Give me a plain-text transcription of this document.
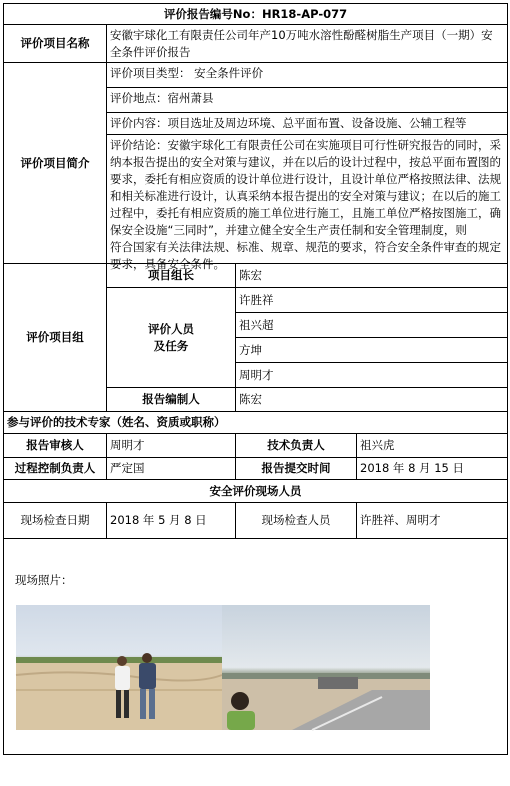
评价报告编号No：HR18-AP-077			
评价项目名称	安徽宇球化工有限责任公司年产10万吨水溶性酚醛树脂生产项目（一期）安全条件评价报告		
评价项目简介	评价项目类型： 安全条件评价
评价地点：宿州萧县
评价内容：项目选址及周边环境、总平面布置、设备设施、公辅工程等
评价结论：安徽宇球化工有限责任公司在实施项目可行性研究报告的同时，采纳本报告提出的安全对策与建议，并在以后的设计过程中，按总平面布置图的要求，委托有相应资质的设计单位进行设计，且设计单位严格按照法律、法规和相关标准进行设计，认真采纳本报告提出的安全对策与建议；在以后的施工过程中，委托有相应资质的施工单位进行施工，且施工单位严格按图施工，确保安全设施“三同时”，并建立健全安全生产责任制和安全管理制度，则
符合国家有关法律法规、标准、规章、规范的要求，符合安全条件审查的规定要求，具备安全条件。		

评价项目组	项目组长	陈宏	

	评价人员
及任务	许胜祥	
		祖兴超	
		方坤	
		周明才	
	报告编制人	陈宏	
参与评价的技术专家（姓名、资质或职称）			
报告审核人	周明才	技术负责人	祖兴虎
过程控制负责人	严定国	报告提交时间	2018 年 8 月 15 日
安全评价现场人员			
现场检查日期	2018 年 5 月 8 日	现场检查人员	许胜祥、周明才

现场照片：
